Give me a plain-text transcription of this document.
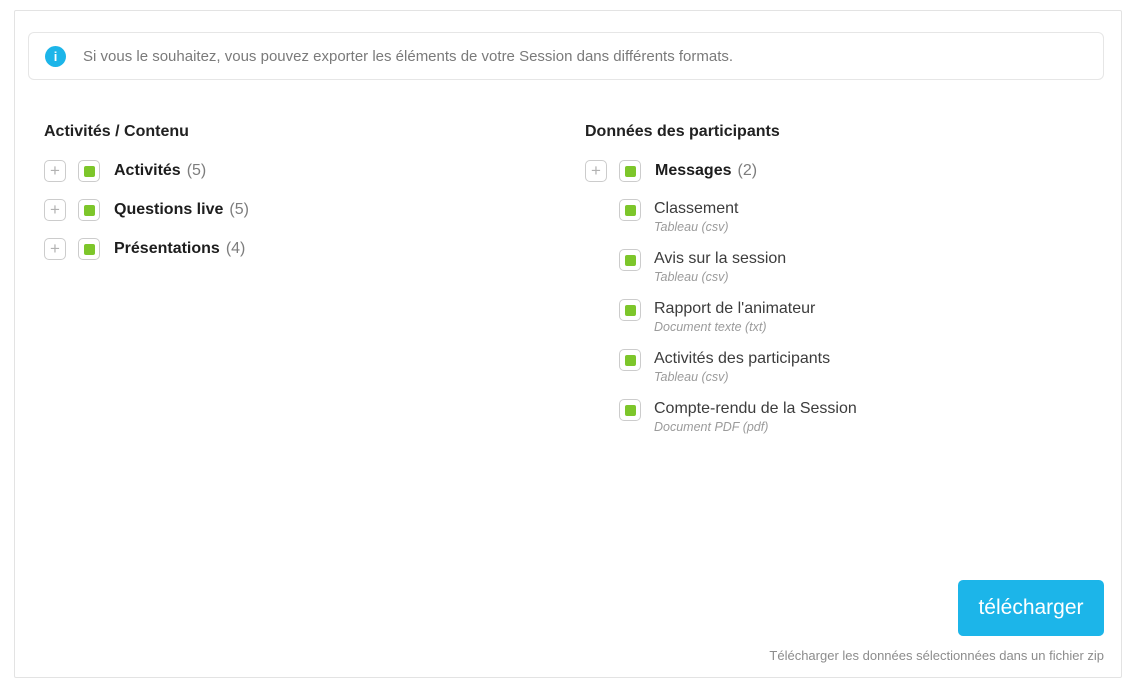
i	Si vous le souhaitez, vous pouvez exporter les éléments de votre Session dans différents formats.
Activités / Contenu
+	Activités (5)
+	Questions live (5)
+	Présentations (4)
Données des participants
+	Messages (2)
Classement
Tableau (csv)
Avis sur la session
Tableau (csv)
Rapport de l'animateur
Document texte (txt)
Activités des participants
Tableau (csv)
Compte-rendu de la Session
Document PDF (pdf)
télécharger
Télécharger les données sélectionnées dans un fichier zip
